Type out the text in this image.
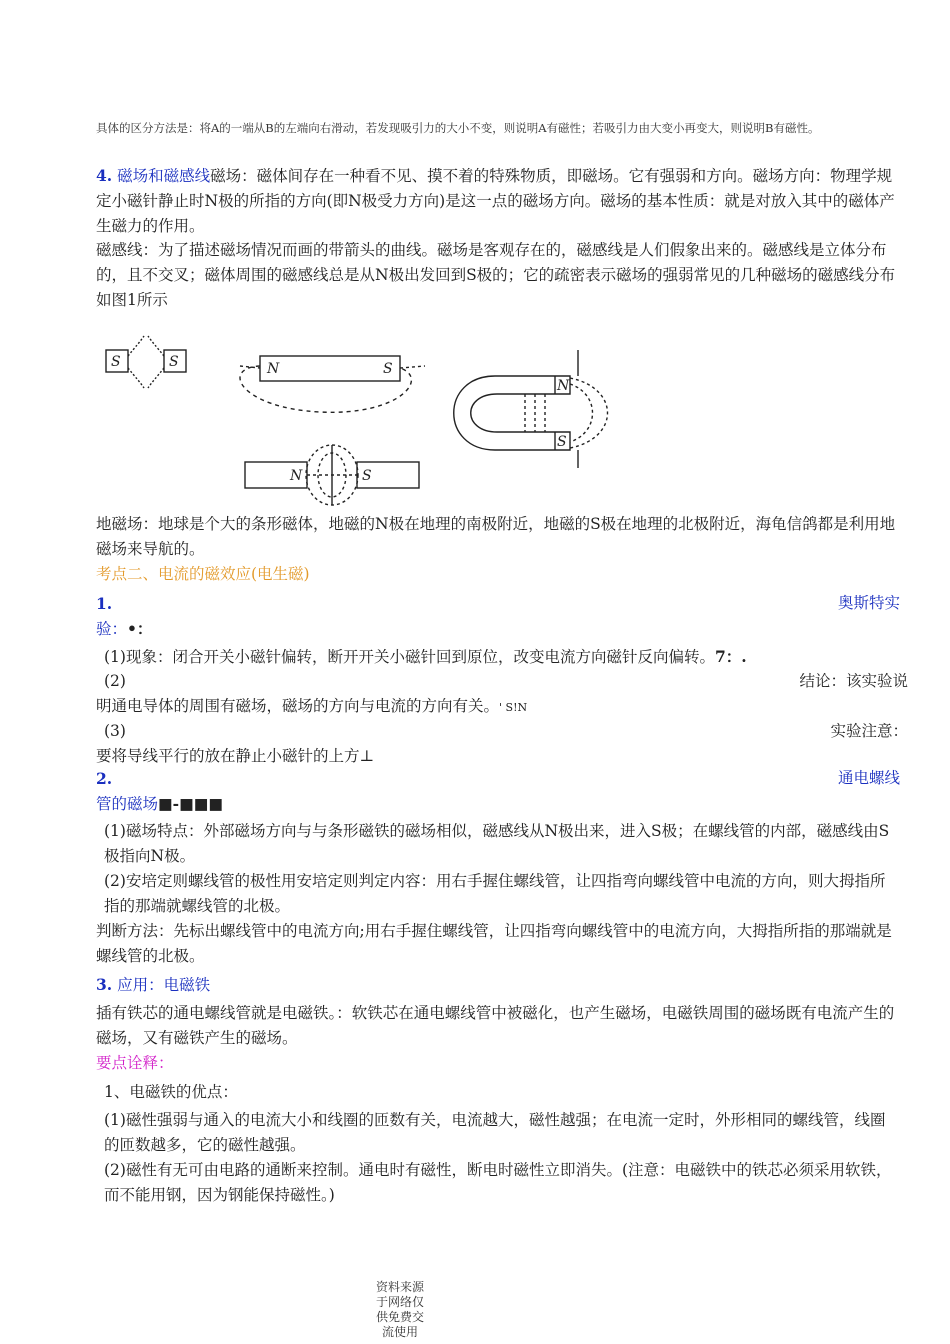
具体的区分方法是：将A的一端从B的左端向右滑动，若发现吸引力的大小不变，则说明A有磁性；若吸引力由大变小再变大，则说明B有磁性。
4. 磁场和磁感线磁场：磁体间存在一种看不见、摸不着的特殊物质，即磁场。它有强弱和方向。磁场方向：物理学规定小磁针静止时N极的所指的方向(即N极受力方向)是这一点的磁场方向。磁场的基本性质：就是对放入其中的磁体产生磁力的作用。
磁感线：为了描述磁场情况而画的带箭头的曲线。磁场是客观存在的，磁感线是人们假象出来的。磁感线是立体分布的，且不交叉；磁体周围的磁感线总是从N极出发回到S极的；它的疏密表示磁场的强弱常见的几种磁场的磁感线分布如图1所示
S	S	N	S
N
S
N	S
地磁场：地球是个大的条形磁体，地磁的N极在地理的南极附近，地磁的S极在地理的北极附近，海龟信鸽都是利用地磁场来导航的。
考点二、电流的磁效应(电生磁)
1.	奥斯特实
验：•：
(1)现象：闭合开关小磁针偏转，断开开关小磁针回到原位，改变电流方向磁针反向偏转。7：.
(2)	结论：该实验说
明通电导体的周围有磁场，磁场的方向与电流的方向有关。' S!N
(3)	实验注意：
要将导线平行的放在静止小磁针的上方⊥
2.	通电螺线
管的磁场■-■■■
(1)磁场特点：外部磁场方向与与条形磁铁的磁场相似，磁感线从N极出来，进入S极；在螺线管的内部，磁感线由S极指向N极。
(2)安培定则螺线管的极性用安培定则判定内容：用右手握住螺线管，让四指弯向螺线管中电流的方向，则大拇指所指的那端就螺线管的北极。
判断方法：先标出螺线管中的电流方向;用右手握住螺线管，让四指弯向螺线管中的电流方向，大拇指所指的那端就是螺线管的北极。
3. 应用：电磁铁
插有铁芯的通电螺线管就是电磁铁。：软铁芯在通电螺线管中被磁化，也产生磁场，电磁铁周围的磁场既有电流产生的磁场，又有磁铁产生的磁场。
要点诠释：
1、电磁铁的优点：
(1)磁性强弱与通入的电流大小和线圈的匝数有关，电流越大，磁性越强；在电流一定时，外形相同的螺线管，线圈的匝数越多，它的磁性越强。
(2)磁性有无可由电路的通断来控制。通电时有磁性，断电时磁性立即消失。(注意：电磁铁中的铁芯必须采用软铁，而不能用钢，因为钢能保持磁性。)
资料来源于网络仅供免费交流使用
